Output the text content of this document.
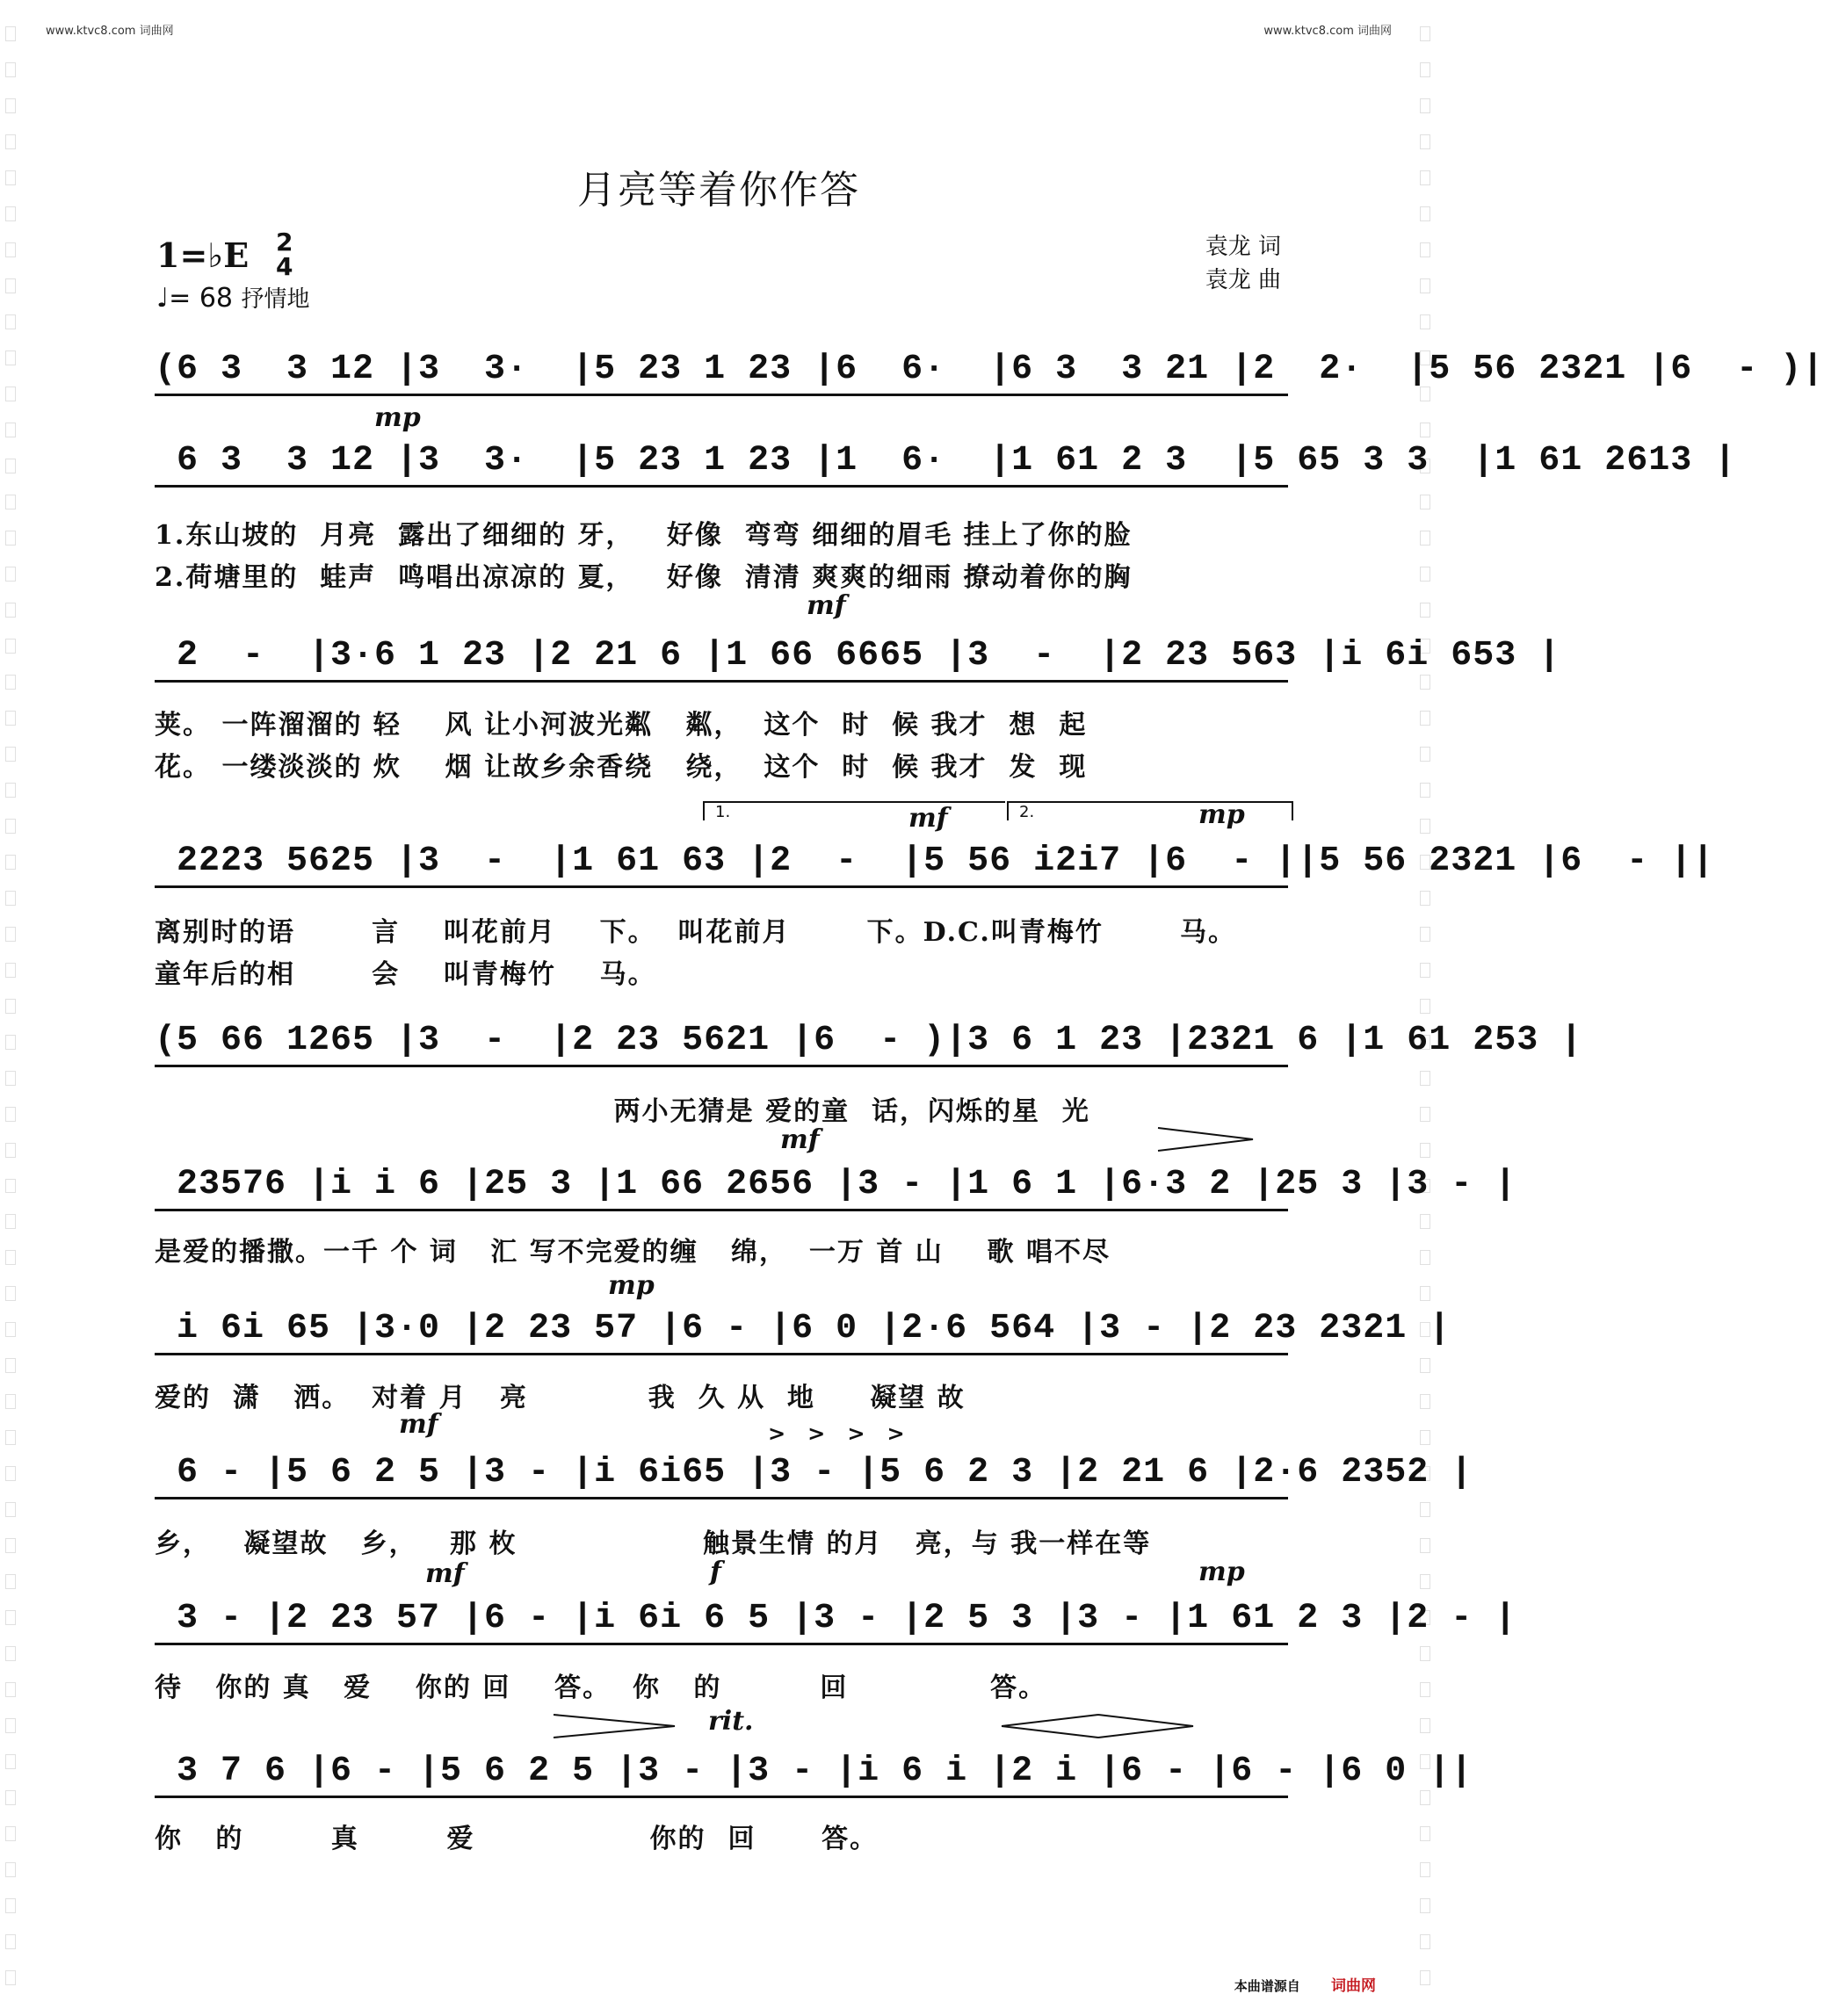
www.ktvc8.com 词曲网	www.ktvc8.com 词曲网
月亮等着你作答
1=♭E 2
4
♩= 68 抒情地
袁龙 词
袁龙 曲
(6 3  3 12 |3  3·  |5 23 1 23 |6  6·  |6 3  3 21 |2  2·  |5 56 2321 |6  - )|
mp
6 3  3 12 |3  3·  |5 23 1 23 |1  6·  |1 61 2 3  |5 65 3 3  |1 61 2613 |
1.东山坡的  月亮  露出了细细的 牙，   好像  弯弯 细细的眉毛 挂上了你的脸
2.荷塘里的  蛙声  鸣唱出凉凉的 夏，   好像  清清 爽爽的细雨 撩动着你的胸
mf
2  -  |3·6 1 23 |2 21 6 |1 66 6665 |3  -  |2 23 563 |i 6i 653 |
荚。 一阵溜溜的 轻    风 让小河波光粼   粼，  这个  时  候 我才  想  起
花。 一缕淡淡的 炊    烟 让故乡余香绕   绕，  这个  时  候 我才  发  现
1.	2.
mf	mp
2223 5625 |3  -  |1 61 63 |2  -  |5 56 i2i7 |6  - ||5 56 2321 |6  - ||
离别时的语       言    叫花前月    下。  叫花前月       下。D.C.叫青梅竹       马。
童年后的相       会    叫青梅竹    马。
(5 66 1265 |3  -  |2 23 5621 |6  - )|3 6 1 23 |2321 6 |1 61 253 |
两小无猜是 爱的童  话，闪烁的星  光
mf
23576 |i i 6 |25 3 |1 66 2656 |3 - |1 6 1 |6·3 2 |25 3 |3 - |
是爱的播撒。一千 个 词   汇 写不完爱的缠   绵，  一万 首 山    歌 唱不尽
mp
i 6i 65 |3·0 |2 23 57 |6 - |6 0 |2·6 564 |3 - |2 23 2321 |
爱的  潇   洒。  对着 月   亮           我  久 从  地     凝望 故
mf	>   >   >   >
6 - |5 6 2 5 |3 - |i 6i65 |3 - |5 6 2 3 |2 21 6 |2·6 2352 |
乡，   凝望故   乡，   那 枚                 触景生情 的月   亮，与 我一样在等
mf	f	mp
3 - |2 23 57 |6 - |i 6i 6 5 |3 - |2 5 3 |3 - |1 61 2 3 |2 - |
待   你的 真   爱    你的 回    答。  你   的         回             答。
rit.
3 7 6 |6 - |5 6 2 5 |3 - |3 - |i 6 i |2 i |6 - |6 - |6 0 ||
你   的        真        爱                你的  回      答。
本曲谱源自 词曲网
